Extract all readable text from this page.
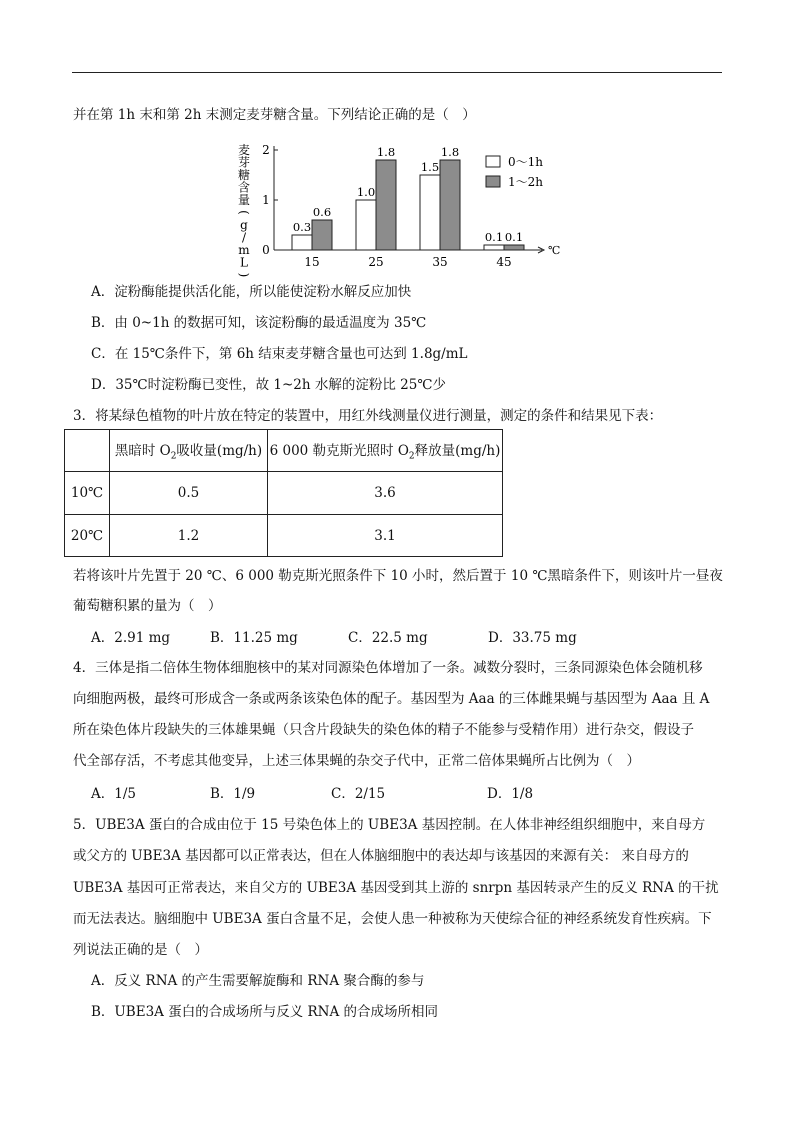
并在第 1h 末和第 2h 末测定麦芽糖含量。下列结论正确的是（　）
麦
芽
糖
含
量
(
g
/
m
L
)
℃
0
1
2
0.3
0.6
15
1.0
1.8
25
1.5
1.8
35
0.1 0.1
45
0～1h
1～2h
A．淀粉酶能提供活化能，所以能使淀粉水解反应加快
B．由 0~1h 的数据可知，该淀粉酶的最适温度为 35℃
C．在 15℃条件下，第 6h 结束麦芽糖含量也可达到 1.8g/mL
D．35℃时淀粉酶已变性，故 1~2h 水解的淀粉比 25℃少
3．将某绿色植物的叶片放在特定的装置中，用红外线测量仪进行测量，测定的条件和结果见下表：
	黑暗时 $O_2$吸收量(mg/h)	6 000 勒克斯光照时 $O_2$释放量(mg/h)
10℃	0.5	3.6
20℃	1.2	3.1
若将该叶片先置于 20 ℃、6 000 勒克斯光照条件下 10 小时，然后置于 10 ℃黑暗条件下，则该叶片一昼夜
葡萄糖积累的量为（　）
A．2.91 mg	B．11.25 mg	C．22.5 mg	D．33.75 mg
4．三体是指二倍体生物体细胞核中的某对同源染色体增加了一条。减数分裂时，三条同源染色体会随机移
向细胞两极，最终可形成含一条或两条该染色体的配子。基因型为 Aaa 的三体雌果蝇与基因型为 Aaa 且 A
所在染色体片段缺失的三体雄果蝇（只含片段缺失的染色体的精子不能参与受精作用）进行杂交，假设子
代全部存活，不考虑其他变异，上述三体果蝇的杂交子代中，正常二倍体果蝇所占比例为（　）
A．1/5	B．1/9	C．2/15	D．1/8
5．UBE3A 蛋白的合成由位于 15 号染色体上的 UBE3A 基因控制。在人体非神经组织细胞中，来自母方
或父方的 UBE3A 基因都可以正常表达，但在人体脑细胞中的表达却与该基因的来源有关： 来自母方的
UBE3A 基因可正常表达，来自父方的 UBE3A 基因受到其上游的 snrpn 基因转录产生的反义 RNA 的干扰
而无法表达。脑细胞中 UBE3A 蛋白含量不足，会使人患一种被称为天使综合征的神经系统发育性疾病。下
列说法正确的是（　）
A．反义 RNA 的产生需要解旋酶和 RNA 聚合酶的参与
B．UBE3A 蛋白的合成场所与反义 RNA 的合成场所相同
